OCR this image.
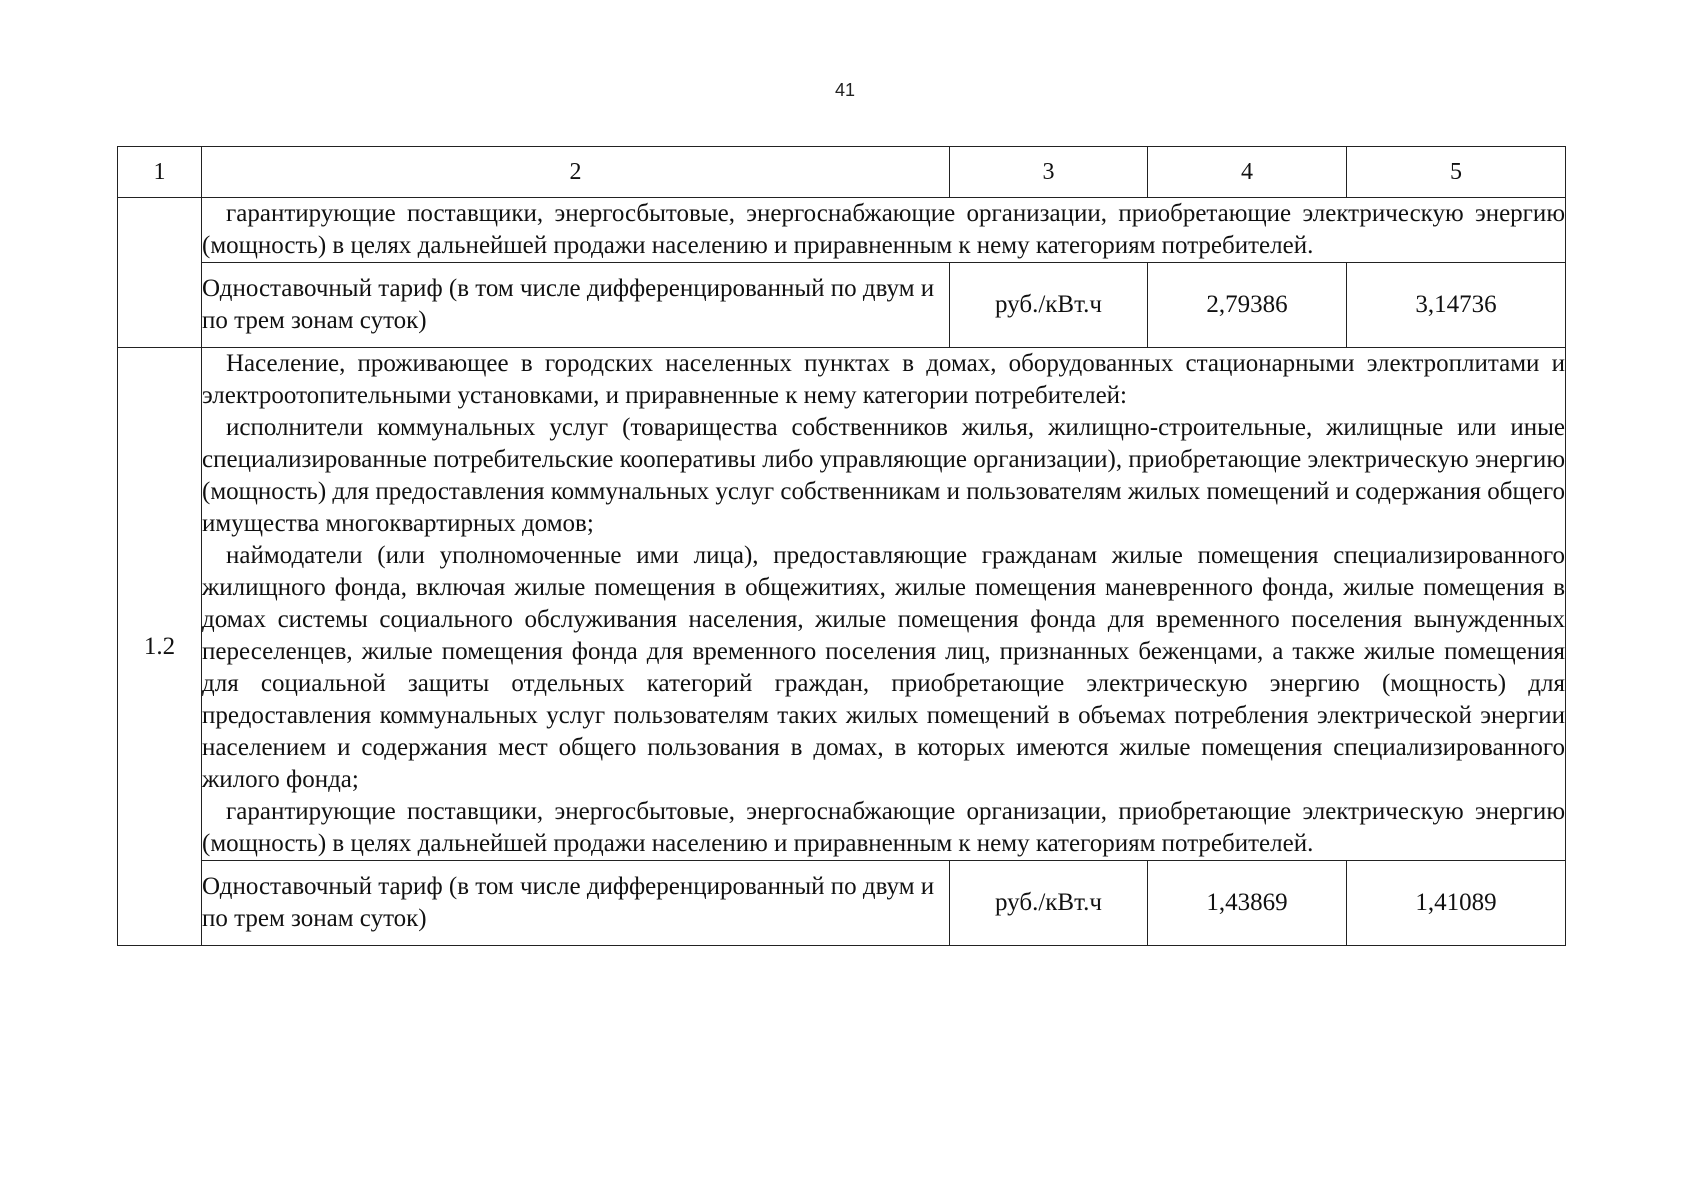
41
1	2	3	4	5

	гарантирующие поставщики, энергосбытовые, энергоснабжающие организации, приобретающие электрическую энергию (мощность) в целях дальнейшей продажи населению и приравненным к нему категориям потребителей.			

	Одноставочный тариф (в том числе дифференцированный по двум и по трем зонам суток)	руб./кВт.ч	2,79386	3,14736
1.2	Население, проживающее в городских населенных пунктах в домах, оборудованных стационарными электроплитами и электроотопительными установками, и приравненные к нему категории потребителей:

исполнители коммунальных услуг (товарищества собственников жилья, жилищно-строительные, жилищные или иные специализированные потребительские кооперативы либо управляющие организации), приобретающие электрическую энергию (мощность) для предоставления коммунальных услуг собственникам и пользователям жилых помещений и содержания общего имущества многоквартирных домов;

наймодатели (или уполномоченные ими лица), предоставляющие гражданам жилые помещения специализированного жилищного фонда, включая жилые помещения в общежитиях, жилые помещения маневренного фонда, жилые помещения в домах системы социального обслуживания населения, жилые помещения фонда для временного поселения вынужденных переселенцев, жилые помещения фонда для временного поселения лиц, признанных беженцами, а также жилые помещения для социальной защиты отдельных категорий граждан, приобретающие электрическую энергию (мощность) для предоставления коммунальных услуг пользователям таких жилых помещений в объемах потребления электрической энергии населением и содержания мест общего пользования в домах, в которых имеются жилые помещения специализированного жилого фонда;

гарантирующие поставщики, энергосбытовые, энергоснабжающие организации, приобретающие электрическую энергию (мощность) в целях дальнейшей продажи населению и приравненным к нему категориям потребителей.			

	Одноставочный тариф (в том числе дифференцированный по двум и по трем зонам суток)	руб./кВт.ч	1,43869	1,41089
